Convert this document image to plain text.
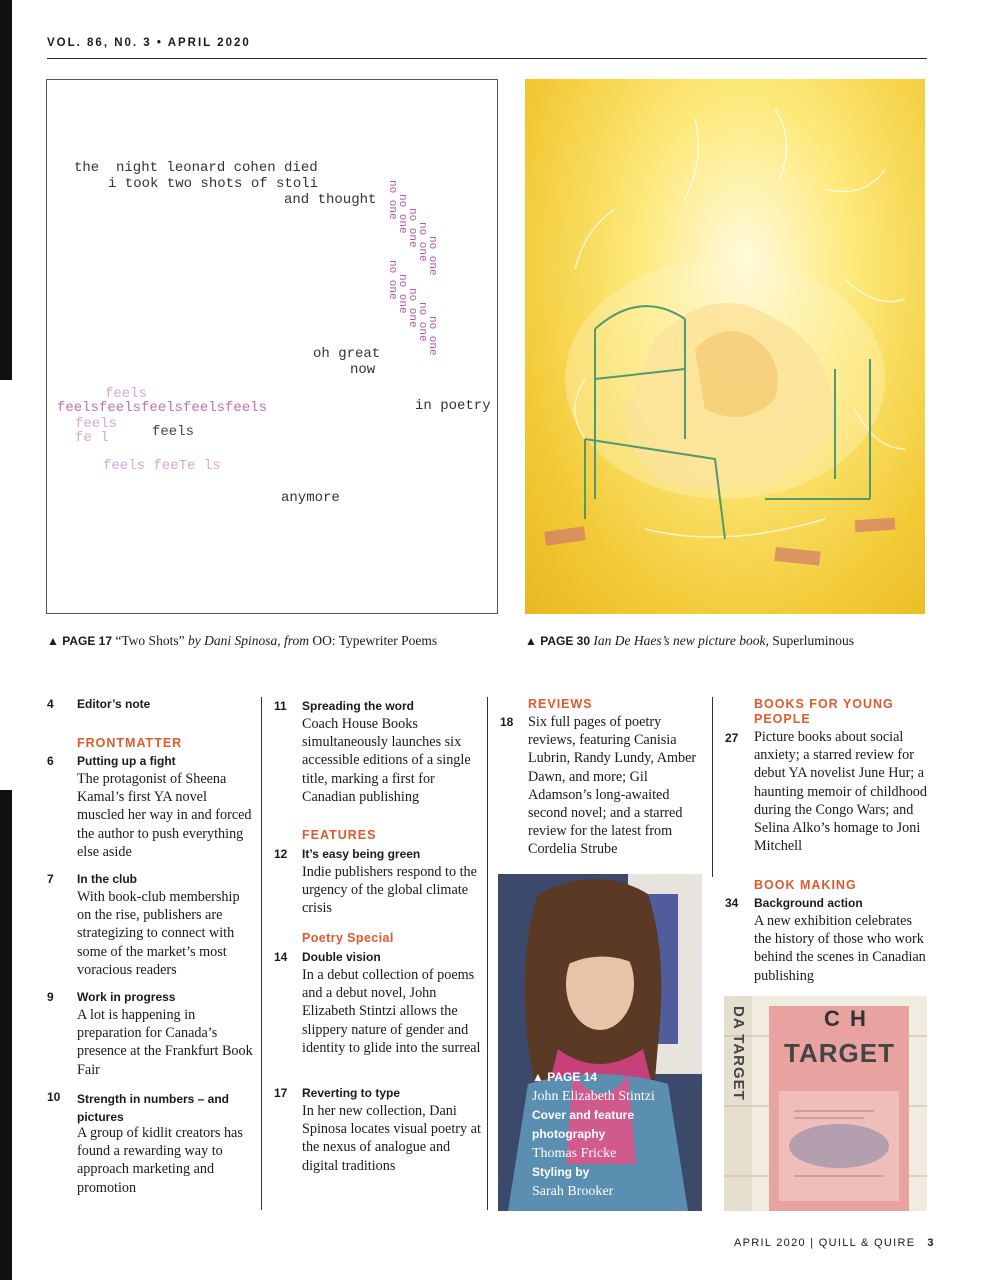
VOL. 86, N0. 3 • APRIL 2020
the  night leonard cohen died
i took two shots of stoli
and thought no one
no one
no one
no one
no one
no one
no one
no one
no one
no one
oh great
now
in poetry
feels
feelsfeelsfeelsfeelsfeels
feels
fe l	feels
feels feeTe ls
anymore
▲ PAGE 17 “Two Shots” by Dani Spinosa, from OO: Typewriter Poems	▲ PAGE 30 Ian De Haes’s new picture book, Superluminous
4 Editor’s note
FRONTMATTER
6 Putting up a fight
The protagonist of Sheena Kamal’s first YA novel muscled her way in and forced the author to push everything else aside
7 In the club
With book-club membership on the rise, publishers are strategizing to connect with some of the market’s most voracious readers
9 Work in progress
A lot is happening in preparation for Canada’s presence at the Frankfurt Book Fair
10 Strength in numbers – and pictures
A group of kidlit creators has found a rewarding way to approach marketing and promotion
11 Spreading the word
Coach House Books simultaneously launches six accessible editions of a single title, marking a first for Canadian publishing
FEATURES
12 It’s easy being green
Indie publishers respond to the urgency of the global climate crisis
Poetry Special
14 Double vision
In a debut collection of poems and a debut novel, John Elizabeth Stintzi allows the slippery nature of gender and identity to glide into the surreal
17 Reverting to type
In her new collection, Dani Spinosa locates visual poetry at the nexus of analogue and digital traditions
REVIEWS
18 Six full pages of poetry reviews, featuring Canisia Lubrin, Randy Lundy, Amber Dawn, and more; Gil Adamson’s long-awaited second novel; and a starred review for the latest from Cordelia Strube
▲ PAGE 14
John Elizabeth Stintzi
Cover and feature photography
Thomas Fricke
Styling by
Sarah Brooker
BOOKS FOR YOUNG PEOPLE
27 Picture books about social anxiety; a starred review for debut YA novelist June Hur; a haunting memoir of childhood during the Congo Wars; and Selina Alko’s homage to Joni Mitchell
BOOK MAKING
34 Background action
A new exhibition celebrates the history of those who work behind the scenes in Canadian publishing
C H
TARGET
DA TARGET
APRIL 2020 | QUILL & QUIRE 3
